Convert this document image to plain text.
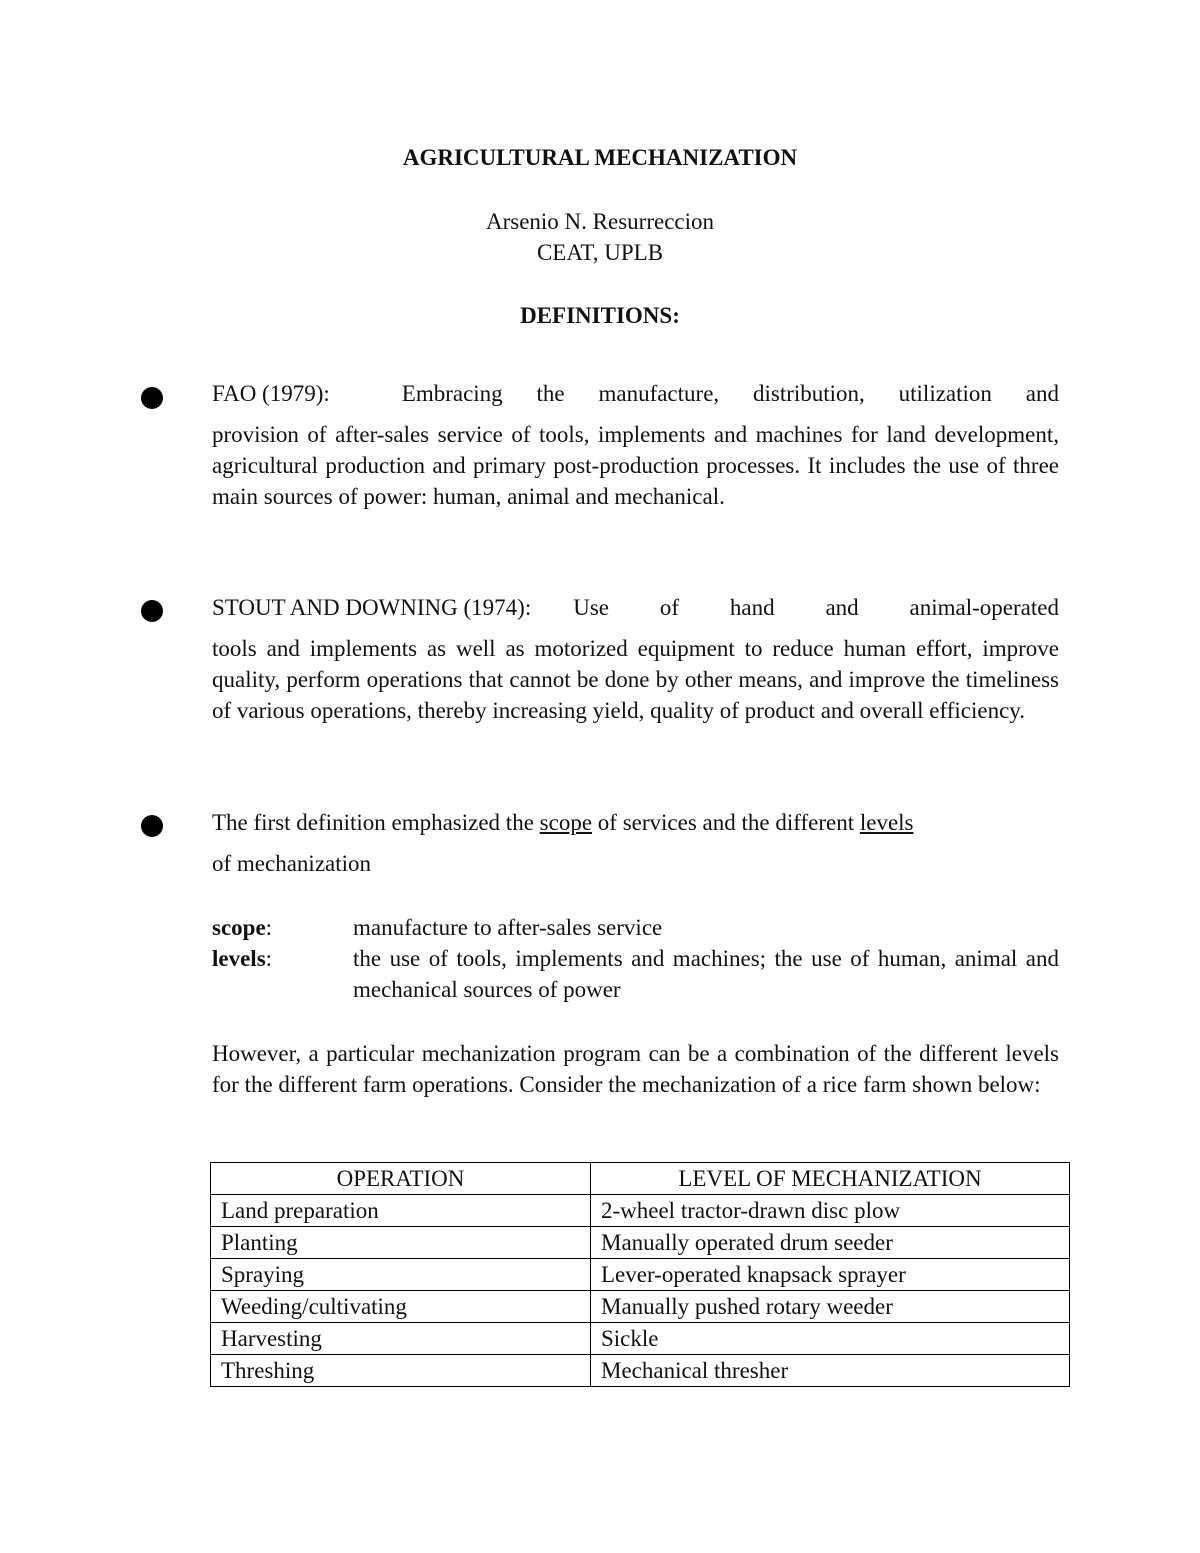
AGRICULTURAL MECHANIZATION
Arsenio N. Resurreccion
CEAT, UPLB
DEFINITIONS:
FAO (1979):	Embracing the manufacture, distribution, utilization and
provision of after-sales service of tools, implements and machines for land development, agricultural production and primary post-production processes. It includes the use of three main sources of power: human, animal and mechanical.
STOUT AND DOWNING (1974): Use of hand and animal-operated
tools and implements as well as motorized equipment to reduce human effort, improve quality, perform operations that cannot be done by other means, and improve the timeliness of various operations, thereby increasing yield, quality of product and overall efficiency.
The first definition emphasized the scope of services and the different levels
of mechanization
scope:	manufacture to after-sales service
levels:	the use of tools, implements and machines; the use of human, animal and mechanical sources of power
However, a particular mechanization program can be a combination of the different levels for the different farm operations. Consider the mechanization of a rice farm shown below:
OPERATION	LEVEL OF MECHANIZATION
Land preparation	2-wheel tractor-drawn disc plow
Planting	Manually operated drum seeder
Spraying	Lever-operated knapsack sprayer
Weeding/cultivating	Manually pushed rotary weeder
Harvesting	Sickle
Threshing	Mechanical thresher
